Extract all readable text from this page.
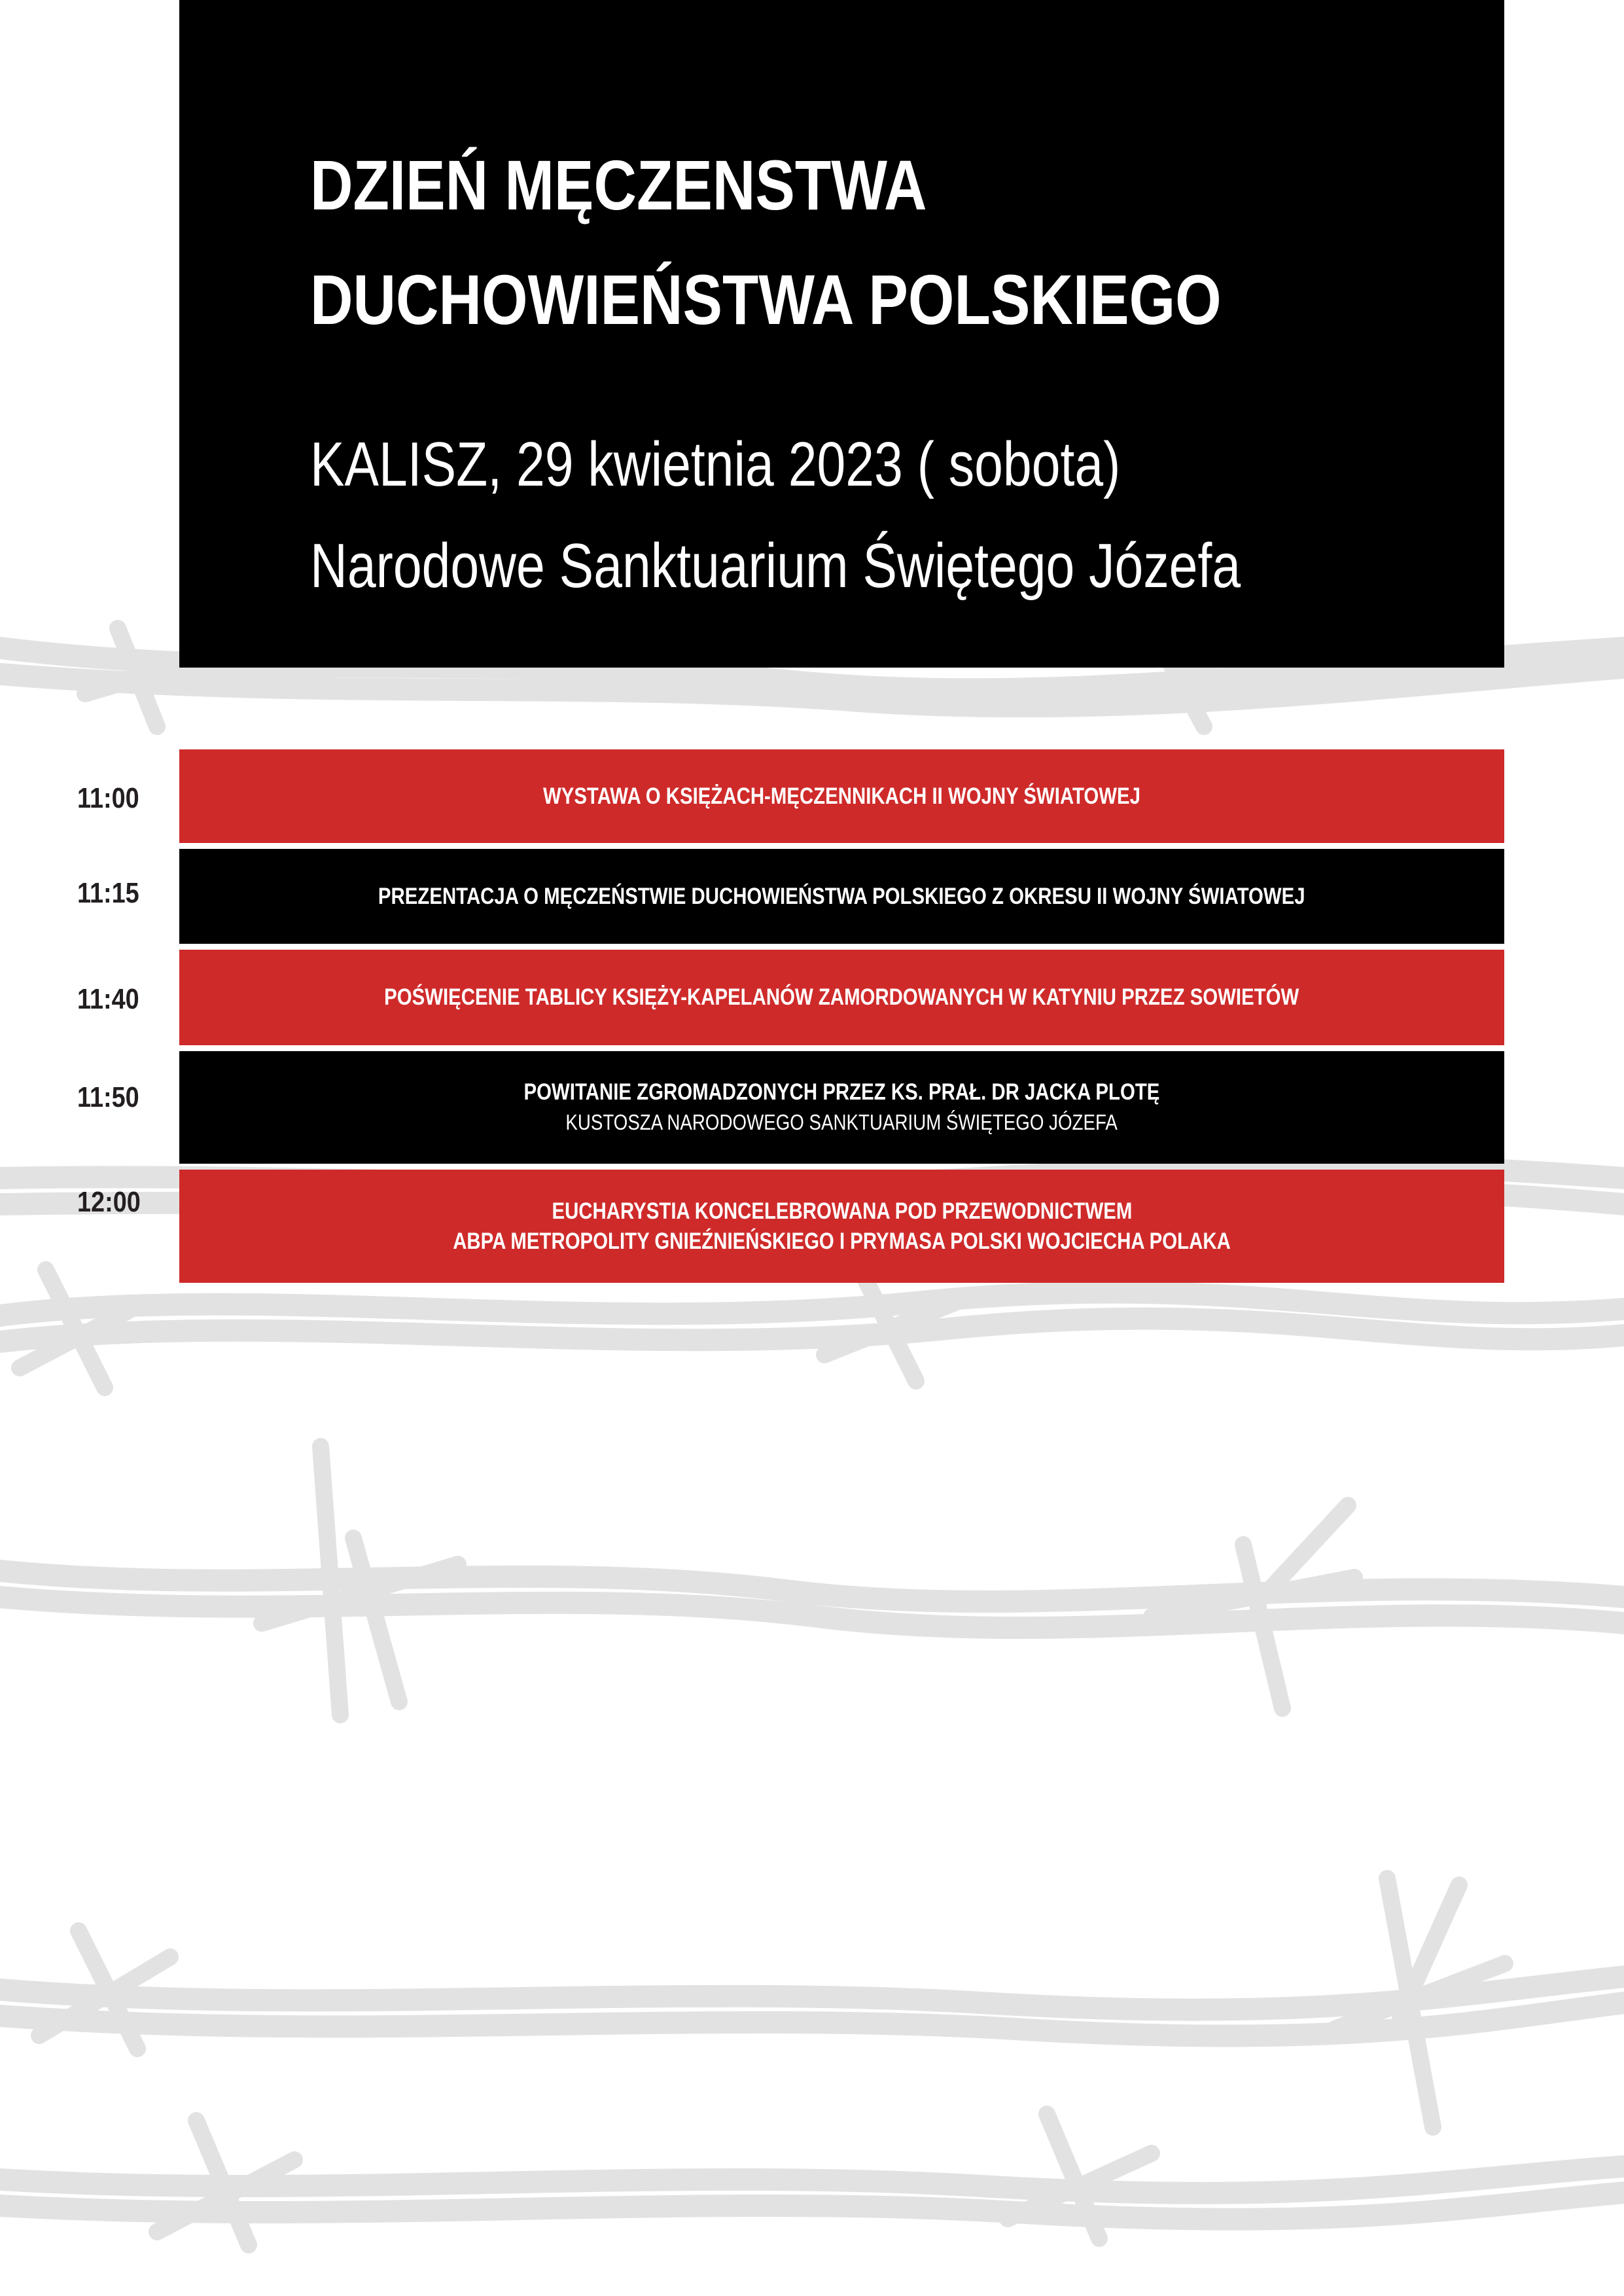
DZIEŃ MĘCZENSTWA
DUCHOWIEŃSTWA POLSKIEGO

KALISZ, 29 kwietnia 2023 ( sobota)

Narodowe Sanktuarium Świętego Józefa

11:00	WYSTAWA O KSIĘŻACH-MĘCZENNIKACH II WOJNY ŚWIATOWEJ
11:15	PREZENTACJA O MĘCZEŃSTWIE DUCHOWIEŃSTWA POLSKIEGO Z OKRESU II WOJNY ŚWIATOWEJ
11:40	POŚWIĘCENIE TABLICY KSIĘŻY-KAPELANÓW ZAMORDOWANYCH W KATYNIU PRZEZ SOWIETÓW
11:50	POWITANIE ZGROMADZONYCH PRZEZ KS. PRAŁ. DR JACKA PLOTĘ
KUSTOSZA NARODOWEGO SANKTUARIUM ŚWIĘTEGO JÓZEFA
12:00	EUCHARYSTIA KONCELEBROWANA POD PRZEWODNICTWEM
ABPA METROPOLITY GNIEŹNIEŃSKIEGO I PRYMASA POLSKI WOJCIECHA POLAKA
